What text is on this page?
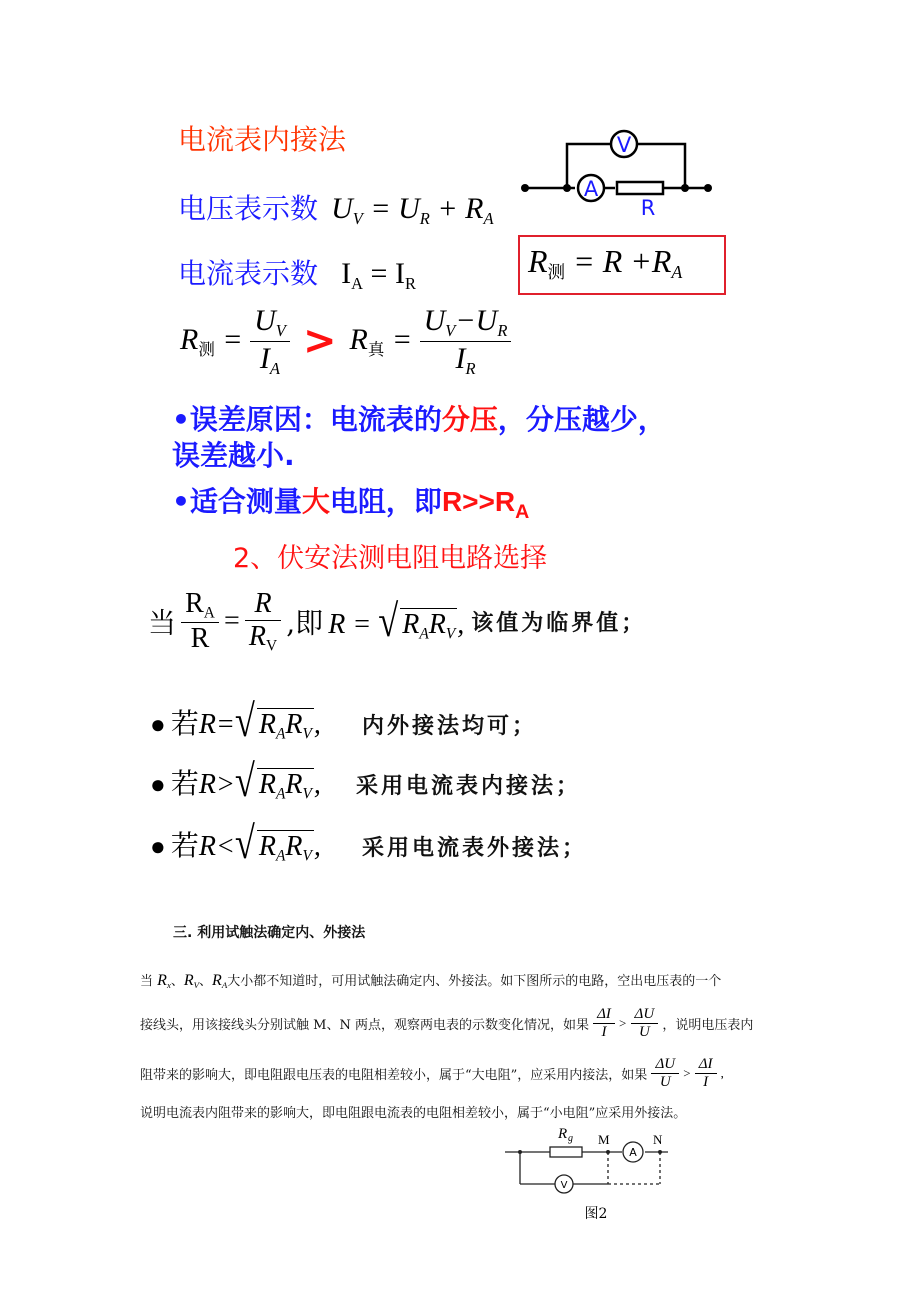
电流表内接法	V
A
R
电压表示数 $U_V = U_R + R_A$
电流表示数 IA = IR
R测 = $R +R_A$
R测 = $\frac{U_V}{I_A} > R$真 = $\frac{U_V-U_R}{I_R}$
•误差原因：电流表的分压，分压越少，
误差越小.
•适合测量大电阻，即$R>>R_A$
2、伏安法测电阻电路选择
当 $\frac{RA}{R} = \frac{R}{RV}$ ,即 R = √ $R_AR_V$, 该值为临界值；
● 若R=√ $R_AR_V$, 内外接法均可；
● 若R>√ $R_AR_V$, 采用电流表内接法；
● 若R<√ $R_AR_V$, 采用电流表外接法；
三. 利用试触法确定内、外接法
当 $R_x$、$R_V$、$R_A$大小都不知道时，可用试触法确定内、外接法。如下图所示的电路，空出电压表的一个
接线头，用该接线头分别试触 M、N 两点，观察两电表的示数变化情况，如果 $\frac{\Delta I}{I} > \frac{\Delta U}{U}$ ，说明电压表内
阻带来的影响大，即电阻跟电压表的电阻相差较小，属于“大电阻”，应采用内接法，如果 $\frac{\Delta U}{U} > \frac{\Delta I}{I}$ ,
说明电流表内阻带来的影响大，即电阻跟电流表的电阻相差较小，属于“小电阻”应采用外接法。
A
V
R g M	N
图2
